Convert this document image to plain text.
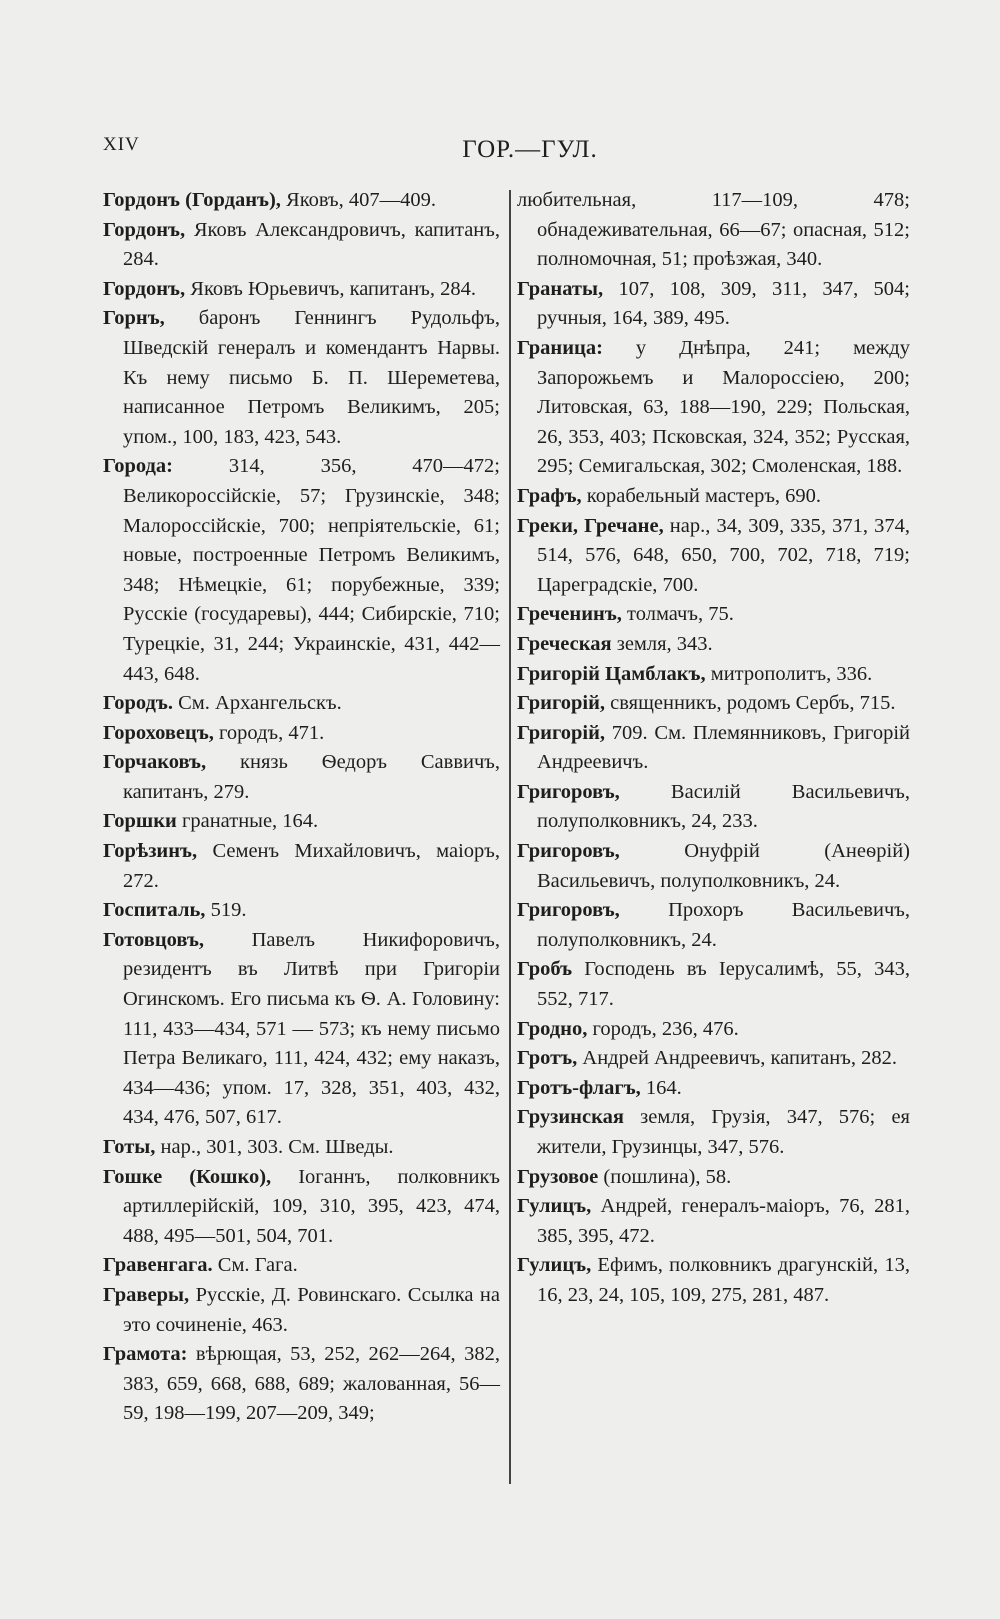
XIV	ГОР.—ГУЛ.

Гордонъ (Горданъ), Яковъ, 407—409.

Гордонъ, Яковъ Александровичъ, капитанъ, 284.

Гордонъ, Яковъ Юрьевичъ, капитанъ, 284.

Горнъ, баронъ Геннингъ Рудольфъ, Шведскій генералъ и комендантъ Нарвы. Къ нему письмо Б. П. Шереметева, написанное Петромъ Великимъ, 205; упом., 100, 183, 423, 543.

Города: 314, 356, 470—472; Великороссійскіе, 57; Грузинскіе, 348; Малороссійскіе, 700; непріятельскіе, 61; новые, построенные Петромъ Великимъ, 348; Нѣмецкіе, 61; порубежные, 339; Русскіе (государевы), 444; Сибирскіе, 710; Турецкіе, 31, 244; Украинскіе, 431, 442—443, 648.

Городъ. См. Архангельскъ.

Гороховецъ, городъ, 471.

Горчаковъ, князь Ѳедоръ Саввичъ, капитанъ, 279.

Горшки гранатные, 164.

Горѣзинъ, Семенъ Михайловичъ, маіоръ, 272.

Госпиталь, 519.

Готовцовъ, Павелъ Никифоровичъ, резидентъ въ Литвѣ при Григоріи Огинскомъ. Его письма къ Ѳ. А. Головину: 111, 433—434, 571 — 573; къ нему письмо Петра Великаго, 111, 424, 432; ему наказъ, 434—436; упом. 17, 328, 351, 403, 432, 434, 476, 507, 617.

Готы, нар., 301, 303. См. Шведы.

Гошке (Кошко), Іоганнъ, полковникъ артиллерійскій, 109, 310, 395, 423, 474, 488, 495—501, 504, 701.

Гравенгага. См. Гага.

Граверы, Русскіе, Д. Ровинскаго. Ссылка на это сочиненіе, 463.

Грамота: вѣрющая, 53, 252, 262—264, 382, 383, 659, 668, 688, 689; жалованная, 56—59, 198—199, 207—209, 349;

любительная, 117—109, 478; обнадеживательная, 66—67; опасная, 512; полномочная, 51; проѣзжая, 340.

Гранаты, 107, 108, 309, 311, 347, 504; ручныя, 164, 389, 495.

Граница: у Днѣпра, 241; между Запорожьемъ и Малороссіею, 200; Литовская, 63, 188—190, 229; Польская, 26, 353, 403; Псковская, 324, 352; Русская, 295; Семигальская, 302; Смоленская, 188.

Графъ, корабельный мастеръ, 690.

Греки, Гречане, нар., 34, 309, 335, 371, 374, 514, 576, 648, 650, 700, 702, 718, 719; Цареградскіе, 700.

Греченинъ, толмачъ, 75.

Греческая земля, 343.

Григорій Цамблакъ, митрополитъ, 336.

Григорій, священникъ, родомъ Сербъ, 715.

Григорій, 709. См. Племянниковъ, Григорій Андреевичъ.

Григоровъ, Василій Васильевичъ, полуполковникъ, 24, 233.

Григоровъ, Онуфрій (Анеѳрій) Васильевичъ, полуполковникъ, 24.

Григоровъ, Прохоръ Васильевичъ, полуполковникъ, 24.

Гробъ Господень въ Іерусалимѣ, 55, 343, 552, 717.

Гродно, городъ, 236, 476.

Гротъ, Андрей Андреевичъ, капитанъ, 282.

Гротъ-флагъ, 164.

Грузинская земля, Грузія, 347, 576; ея жители, Грузинцы, 347, 576.

Грузовое (пошлина), 58.

Гулицъ, Андрей, генералъ-маіоръ, 76, 281, 385, 395, 472.

Гулицъ, Ефимъ, полковникъ драгунскій, 13, 16, 23, 24, 105, 109, 275, 281, 487.
